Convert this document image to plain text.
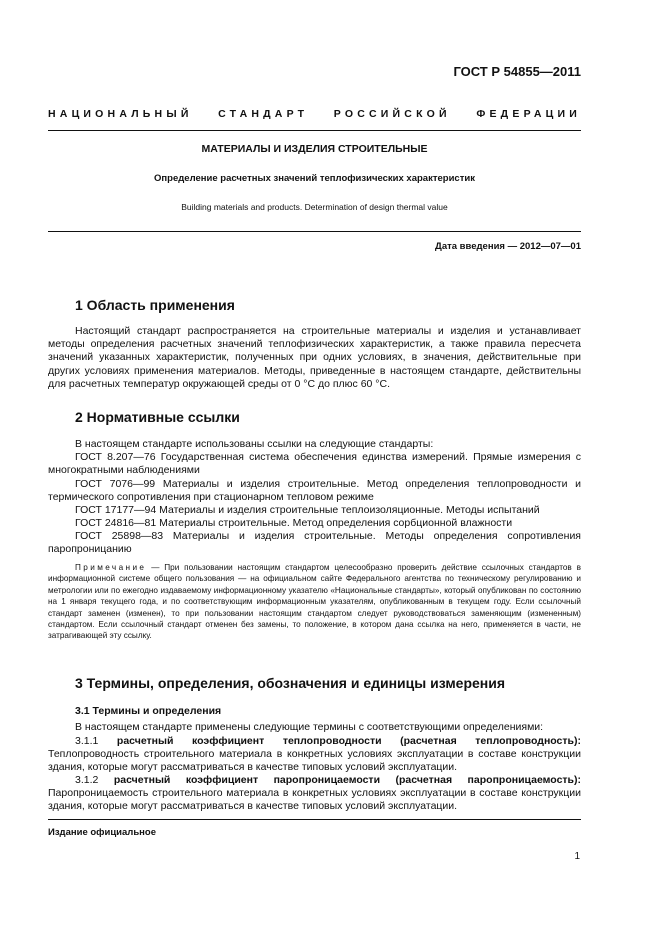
ГОСТ Р 54855—2011
НАЦИОНАЛЬНЫЙ СТАНДАРТ РОССИЙСКОЙ ФЕДЕРАЦИИ
МАТЕРИАЛЫ И ИЗДЕЛИЯ СТРОИТЕЛЬНЫЕ
Определение расчетных значений теплофизических характеристик
Building materials and products. Determination of design thermal value
Дата введения — 2012—07—01
1 Область применения

Настоящий стандарт распространяется на строительные материалы и изделия и устанавливает методы определения расчетных значений теплофизических характеристик, а также правила пересчета значений указанных характеристик, полученных при одних условиях, в значения, действительные при других условиях применения материалов. Методы, приведенные в настоящем стандарте, действительны для расчетных температур окружающей среды от 0 °С до плюс 60 °С.

2 Нормативные ссылки

В настоящем стандарте использованы ссылки на следующие стандарты:

ГОСТ 8.207—76 Государственная система обеспечения единства измерений. Прямые измерения с многократными наблюдениями

ГОСТ 7076—99 Материалы и изделия строительные. Метод определения теплопроводности и термического сопротивления при стационарном тепловом режиме

ГОСТ 17177—94 Материалы и изделия строительные теплоизоляционные. Методы испытаний

ГОСТ 24816—81 Материалы строительные. Метод определения сорбционной влажности

ГОСТ 25898—83 Материалы и изделия строительные. Методы определения сопротивления паропроницанию

Примечание — При пользовании настоящим стандартом целесообразно проверить действие ссылочных стандартов в информационной системе общего пользования — на официальном сайте Федерального агентства по техническому регулированию и метрологии или по ежегодно издаваемому информационному указателю «Национальные стандарты», который опубликован по состоянию на 1 января текущего года, и по соответствующим информационным указателям, опубликованным в текущем году. Если ссылочный стандарт заменен (изменен), то при пользовании настоящим стандартом следует руководствоваться заменяющим (измененным) стандартом. Если ссылочный стандарт отменен без замены, то положение, в котором дана ссылка на него, применяется в части, не затрагивающей эту ссылку.

3 Термины, определения, обозначения и единицы измерения
3.1 Термины и определения

В настоящем стандарте применены следующие термины с соответствующими определениями:

3.1.1 расчетный коэффициент теплопроводности (расчетная теплопроводность): Теплопроводность строительного материала в конкретных условиях эксплуатации в составе конструкции здания, которые могут рассматриваться в качестве типовых условий эксплуатации.

3.1.2 расчетный коэффициент паропроницаемости (расчетная паропроницаемость): Паропроницаемость строительного материала в конкретных условиях эксплуатации в составе конструкции здания, которые могут рассматриваться в качестве типовых условий эксплуатации.

Издание официальное
1
